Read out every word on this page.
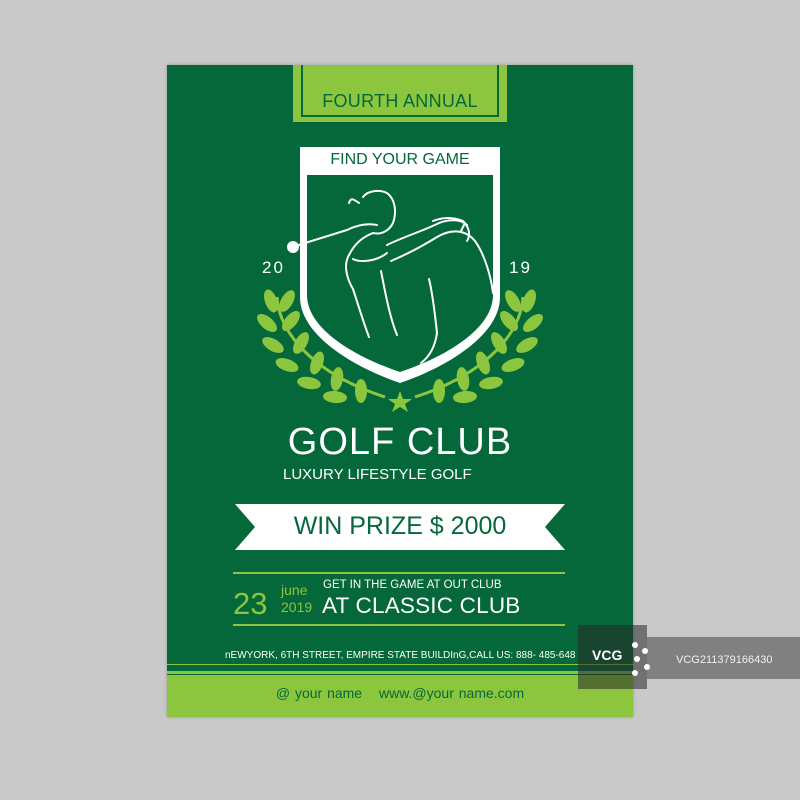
FOURTH ANNUAL
FIND YOUR GAME
20	19
GOLF CLUB
LUXURY LIFESTYLE GOLF
WIN PRIZE $ 2000
23 june
2019
GET IN THE GAME AT OUT CLUB
AT CLASSIC CLUB
nEWYORK, 6TH STREET, EMPIRE STATE BUILDInG,CALL US: 888- 485-648
@ your name www.@your name.com
VCG	VCG211379166430
